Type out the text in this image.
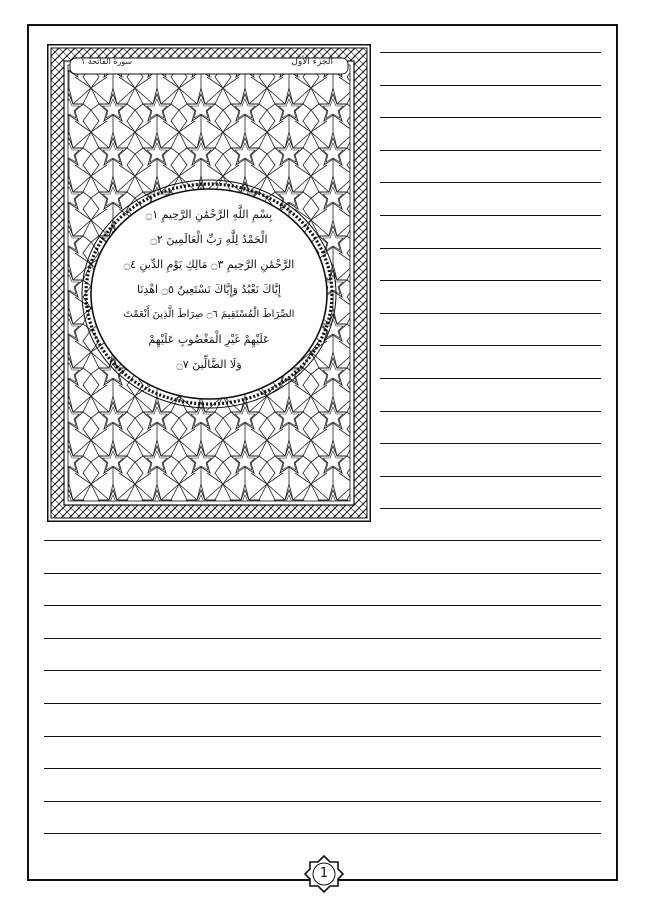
الجزء الأول
سورة الفاتحة ١
بِسْمِ اللَّهِ الرَّحْمَٰنِ الرَّحِيمِ ۝١
الْحَمْدُ لِلَّهِ رَبِّ الْعَالَمِينَ ۝٢
الرَّحْمَٰنِ الرَّحِيمِ ۝٣ مَالِكِ يَوْمِ الدِّينِ ۝٤
إِيَّاكَ نَعْبُدُ وَإِيَّاكَ نَسْتَعِينُ ۝٥ اهْدِنَا
الصِّرَاطَ الْمُسْتَقِيمَ ۝٦ صِرَاطَ الَّذِينَ أَنْعَمْتَ
عَلَيْهِمْ غَيْرِ الْمَغْضُوبِ عَلَيْهِمْ
وَلَا الضَّالِّينَ ۝٧
1
